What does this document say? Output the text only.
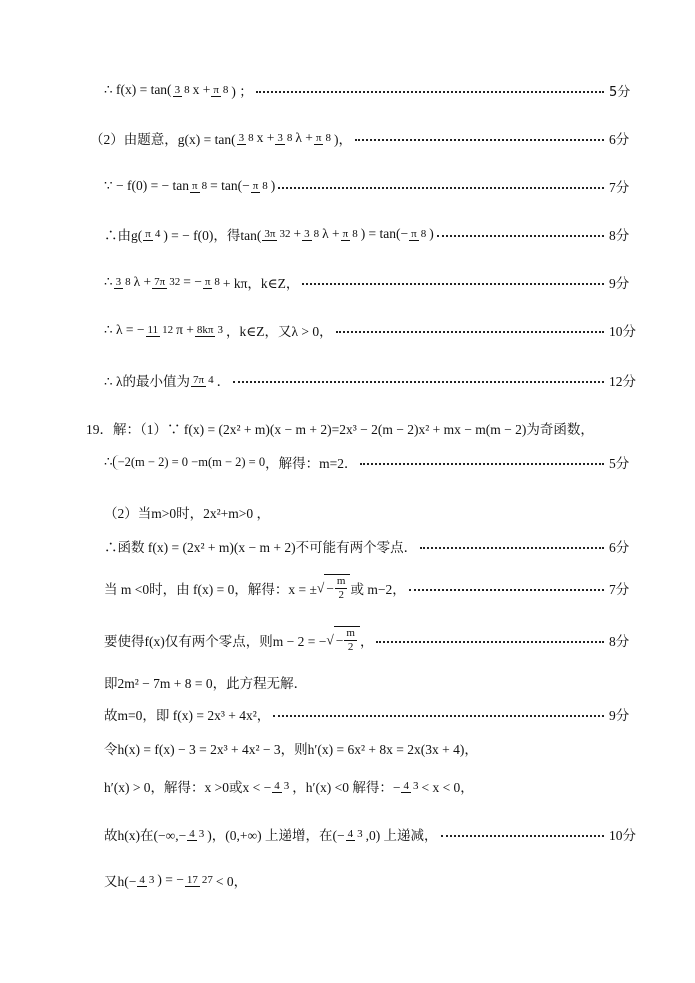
∴ f(x) = tan( 3 8 x + π 8 ) ；	5分
（2）由题意，g(x) = tan( 3 8 x + 3 8 λ + π 8 )，	6分
∵ − f(0) = − tan π 8 = tan(− π 8 )	7分
∴由g( π 4 ) = − f(0)，得tan( 3π 32 + 3 8 λ + π 8 ) = tan(− π 8 )	8分
∴ 3 8 λ + 7π 32 = − π 8 + kπ，k∈Z，	9分
∴ λ = − 11 12 π + 8kπ 3 ，k∈Z，又λ > 0，	10分
∴ λ的最小值为 7π 4 ．	12分
19．解：（1）∵ f(x) = (2x² + m)(x − m + 2)=2x³ − 2(m − 2)x² + mx − m(m − 2)为奇函数，
∴ −2(m − 2) = 0 −m(m − 2) = 0 ，解得：m=2．	5分
（2）当m>0时，2x²+m>0 ，
∴函数 f(x) = (2x² + m)(x − m + 2)不可能有两个零点．	6分
当 m <0时，由 f(x) = 0，解得：x = ± √ − $\frac{m}{2}$ 或 m−2，	7分
要使得f(x)仅有两个零点，则m − 2 = − √ − $\frac{m}{2}$ ，	8分
即2m² − 7m + 8 = 0，此方程无解．
故m=0，即 f(x) = 2x³ + 4x²，	9分
令h(x) = f(x) − 3 = 2x³ + 4x² − 3，则h′(x) = 6x² + 8x = 2x(3x + 4)，
h′(x) > 0，解得：x >0或x < − 4 3 ，h′(x) <0 解得：− 4 3 < x < 0，
故h(x)在(−∞,− 4 3 )，(0,+∞) 上递增，在(− 4 3 ,0) 上递减，	10分
又h(− 4 3 ) = − 17 27 < 0，
